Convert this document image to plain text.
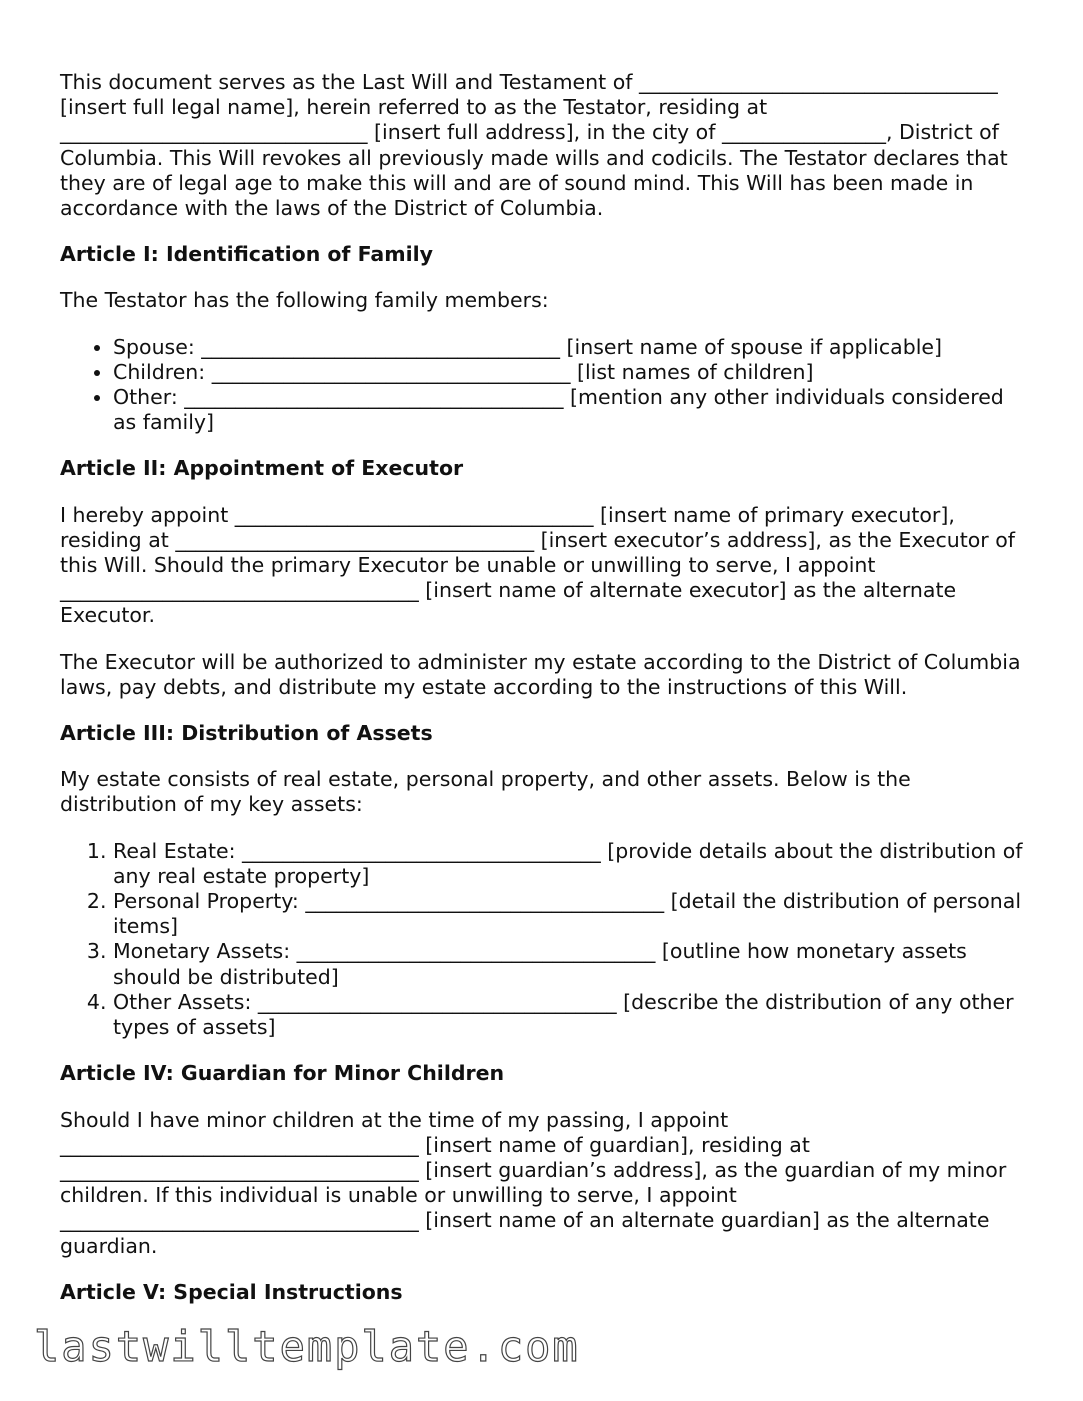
This document serves as the Last Will and Testament of ___________________________________ [insert full legal name], herein referred to as the Testator, residing at ______________________________ [insert full address], in the city of ________________, District of Columbia. This Will revokes all previously made wills and codicils. The Testator declares that they are of legal age to make this will and are of sound mind. This Will has been made in accordance with the laws of the District of Columbia.

Article I: Identification of Family

The Testator has the following family members:

• Spouse: ___________________________________ [insert name of spouse if applicable]
• Children: ___________________________________ [list names of children]
• Other: _____________________________________ [mention any other individuals considered as family]
Article II: Appointment of Executor

I hereby appoint ___________________________________ [insert name of primary executor], residing at ___________________________________ [insert executor’s address], as the Executor of this Will. Should the primary Executor be unable or unwilling to serve, I appoint ___________________________________ [insert name of alternate executor] as the alternate Executor.

The Executor will be authorized to administer my estate according to the District of Columbia laws, pay debts, and distribute my estate according to the instructions of this Will.

Article III: Distribution of Assets

My estate consists of real estate, personal property, and other assets. Below is the distribution of my key assets:

1. Real Estate: ___________________________________ [provide details about the distribution of any real estate property]
2. Personal Property: ___________________________________ [detail the distribution of personal items]
3. Monetary Assets: ___________________________________ [outline how monetary assets should be distributed]
4. Other Assets: ___________________________________ [describe the distribution of any other types of assets]
Article IV: Guardian for Minor Children

Should I have minor children at the time of my passing, I appoint ___________________________________ [insert name of guardian], residing at ___________________________________ [insert guardian’s address], as the guardian of my minor children. If this individual is unable or unwilling to serve, I appoint ___________________________________ [insert name of an alternate guardian] as the alternate guardian.

Article V: Special Instructions
lastwilltemplate.com
